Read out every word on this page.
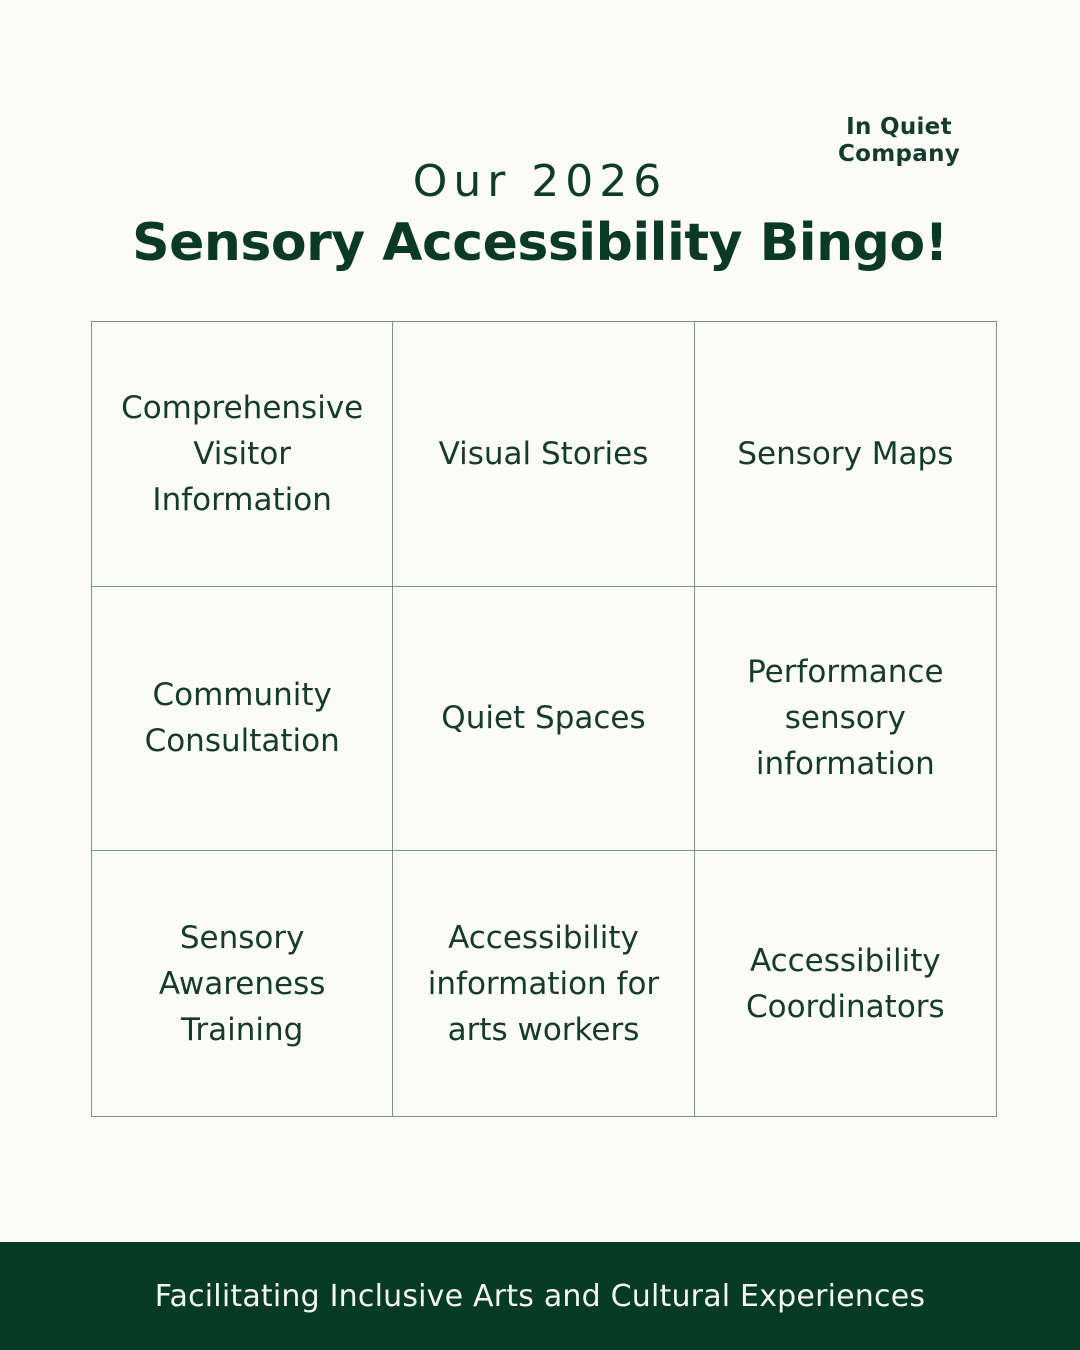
In Quiet
Company
Our 2026
Sensory Accessibility Bingo!
Comprehensive
Visitor
Information
Visual Stories	Sensory Maps
Community
Consultation
Quiet Spaces
Performance
sensory
information
Sensory
Awareness
Training
Accessibility
information for
arts workers
Accessibility
Coordinators
Facilitating Inclusive Arts and Cultural Experiences
